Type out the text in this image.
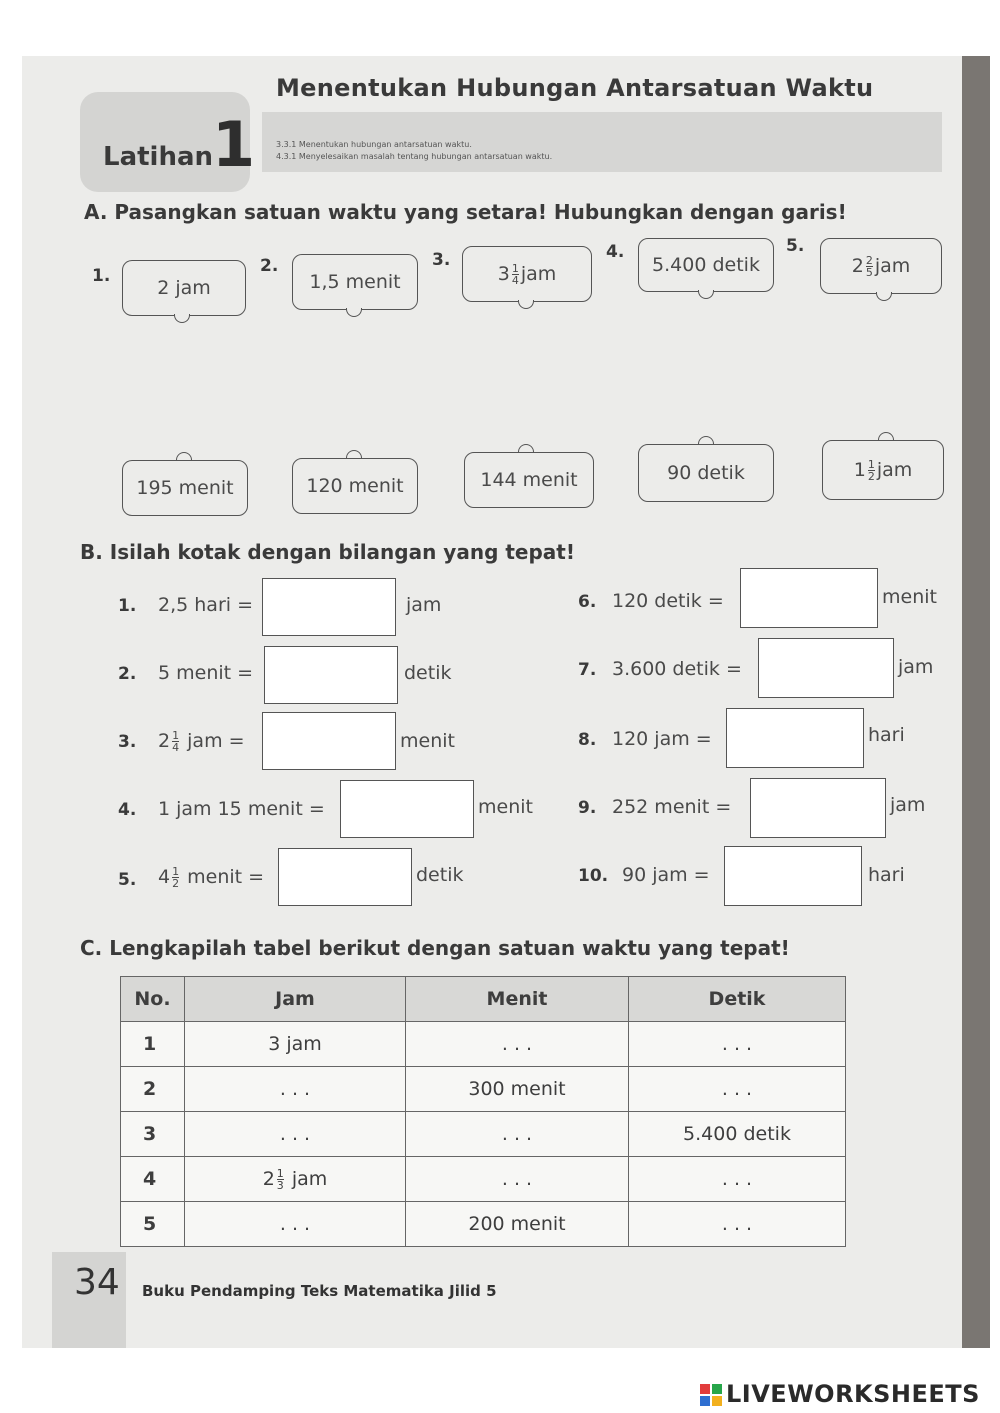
Latihan
1
Menentukan Hubungan Antarsatuan Waktu
3.3.1 Menentukan hubungan antarsatuan waktu.
4.3.1 Menyelesaikan masalah tentang hubungan antarsatuan waktu.
A. Pasangkan satuan waktu yang setara! Hubungkan dengan garis!
1.	2.	3.	4.	5.
2 jam	1,5 menit	$3 \frac{1}{4}$ jam	5.400 detik	$2 \frac{2}{5}$ jam
195 menit	120 menit	144 menit	90 detik	$1 \frac{1}{2}$ jam
B. Isilah kotak dengan bilangan yang tepat!
1. 2,5 hari =	jam
2. 5 menit =	detik
3. $2 \frac{1}{4}$ jam =	menit
4. 1 jam 15 menit =	menit
5. $4 \frac{1}{2}$ menit =	detik
6. 120 detik =	menit
7. 3.600 detik =	jam
8. 120 jam =	hari
9. 252 menit =	jam
10. 90 jam =	hari
C. Lengkapilah tabel berikut dengan satuan waktu yang tepat!
No.	Jam	Menit	Detik
1	3 jam	. . .	. . .
2	. . .	300 menit	. . .
3	. . .	. . .	5.400 detik
4	$2 \frac{1}{3}$ jam	. . .	. . .
5	. . .	200 menit	. . .
34 Buku Pendamping Teks Matematika Jilid 5
LIVEWORKSHEETS
